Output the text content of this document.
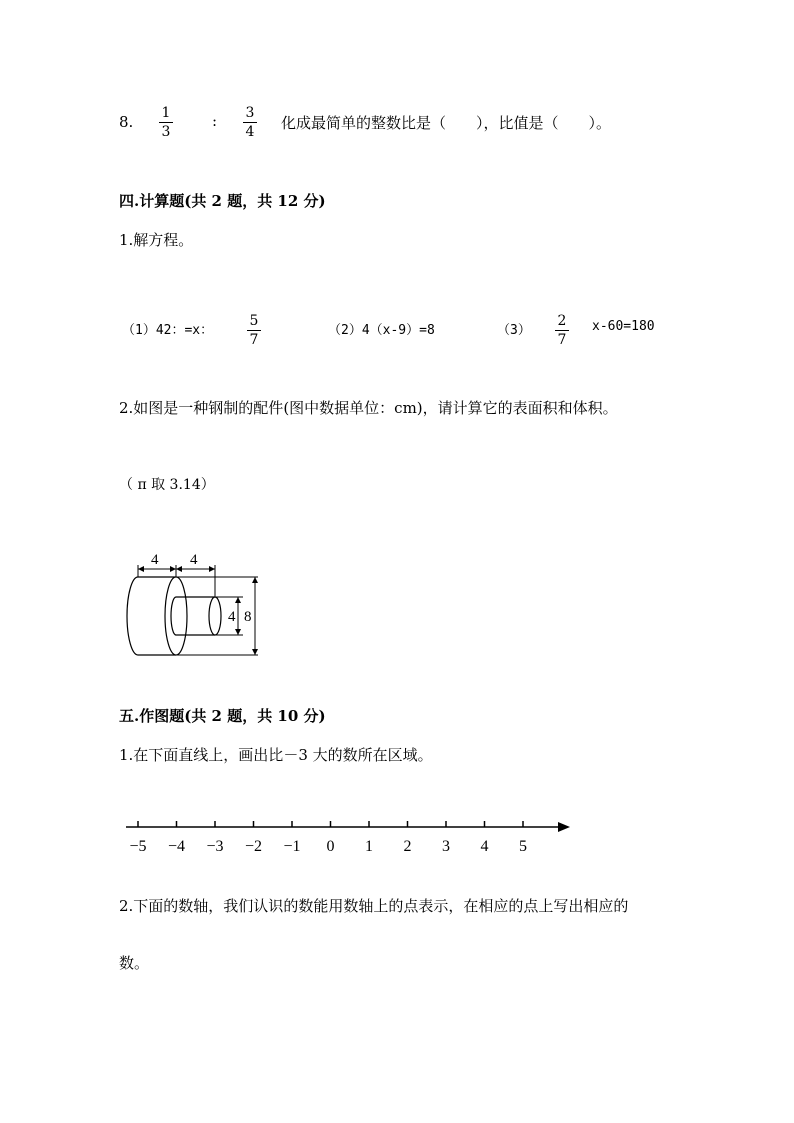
8. 1
3
: 3
4 化成最简单的整数比是（　　），比值是（　　）。
四.计算题(共 2 题，共 12 分)
1.解方程。
（1）42：=x：
5
7
（2）4（x-9）=8	（3）
2
7
x-60=180
2.如图是一种钢制的配件(图中数据单位：cm)，请计算它的表面积和体积。
（ π 取 3.14）
4 4
4 8
五.作图题(共 2 题，共 10 分)
1.在下面直线上，画出比－3 大的数所在区域。
−5 −4 −3 −2 −1 0 1 2 3 4 5
2.下面的数轴，我们认识的数能用数轴上的点表示，在相应的点上写出相应的
数。
